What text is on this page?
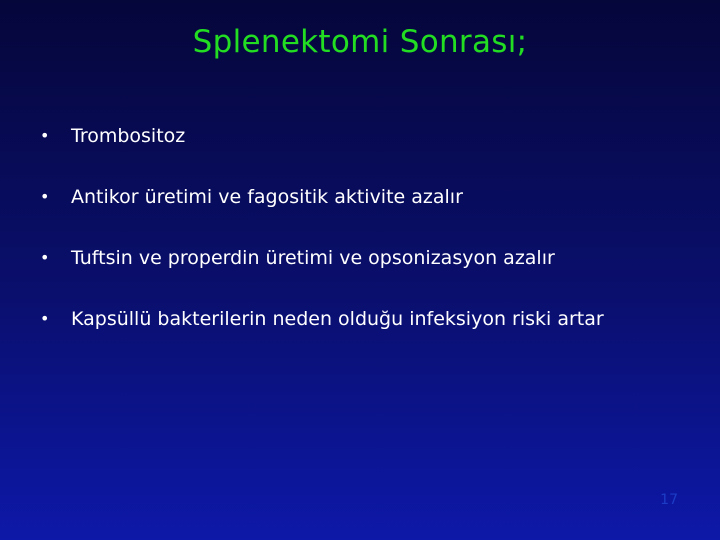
Splenektomi Sonrası;
• Trombositoz
• Antikor üretimi ve fagositik aktivite azalır
• Tuftsin ve properdin üretimi ve opsonizasyon azalır
• Kapsüllü bakterilerin neden olduğu infeksiyon riski artar
17
